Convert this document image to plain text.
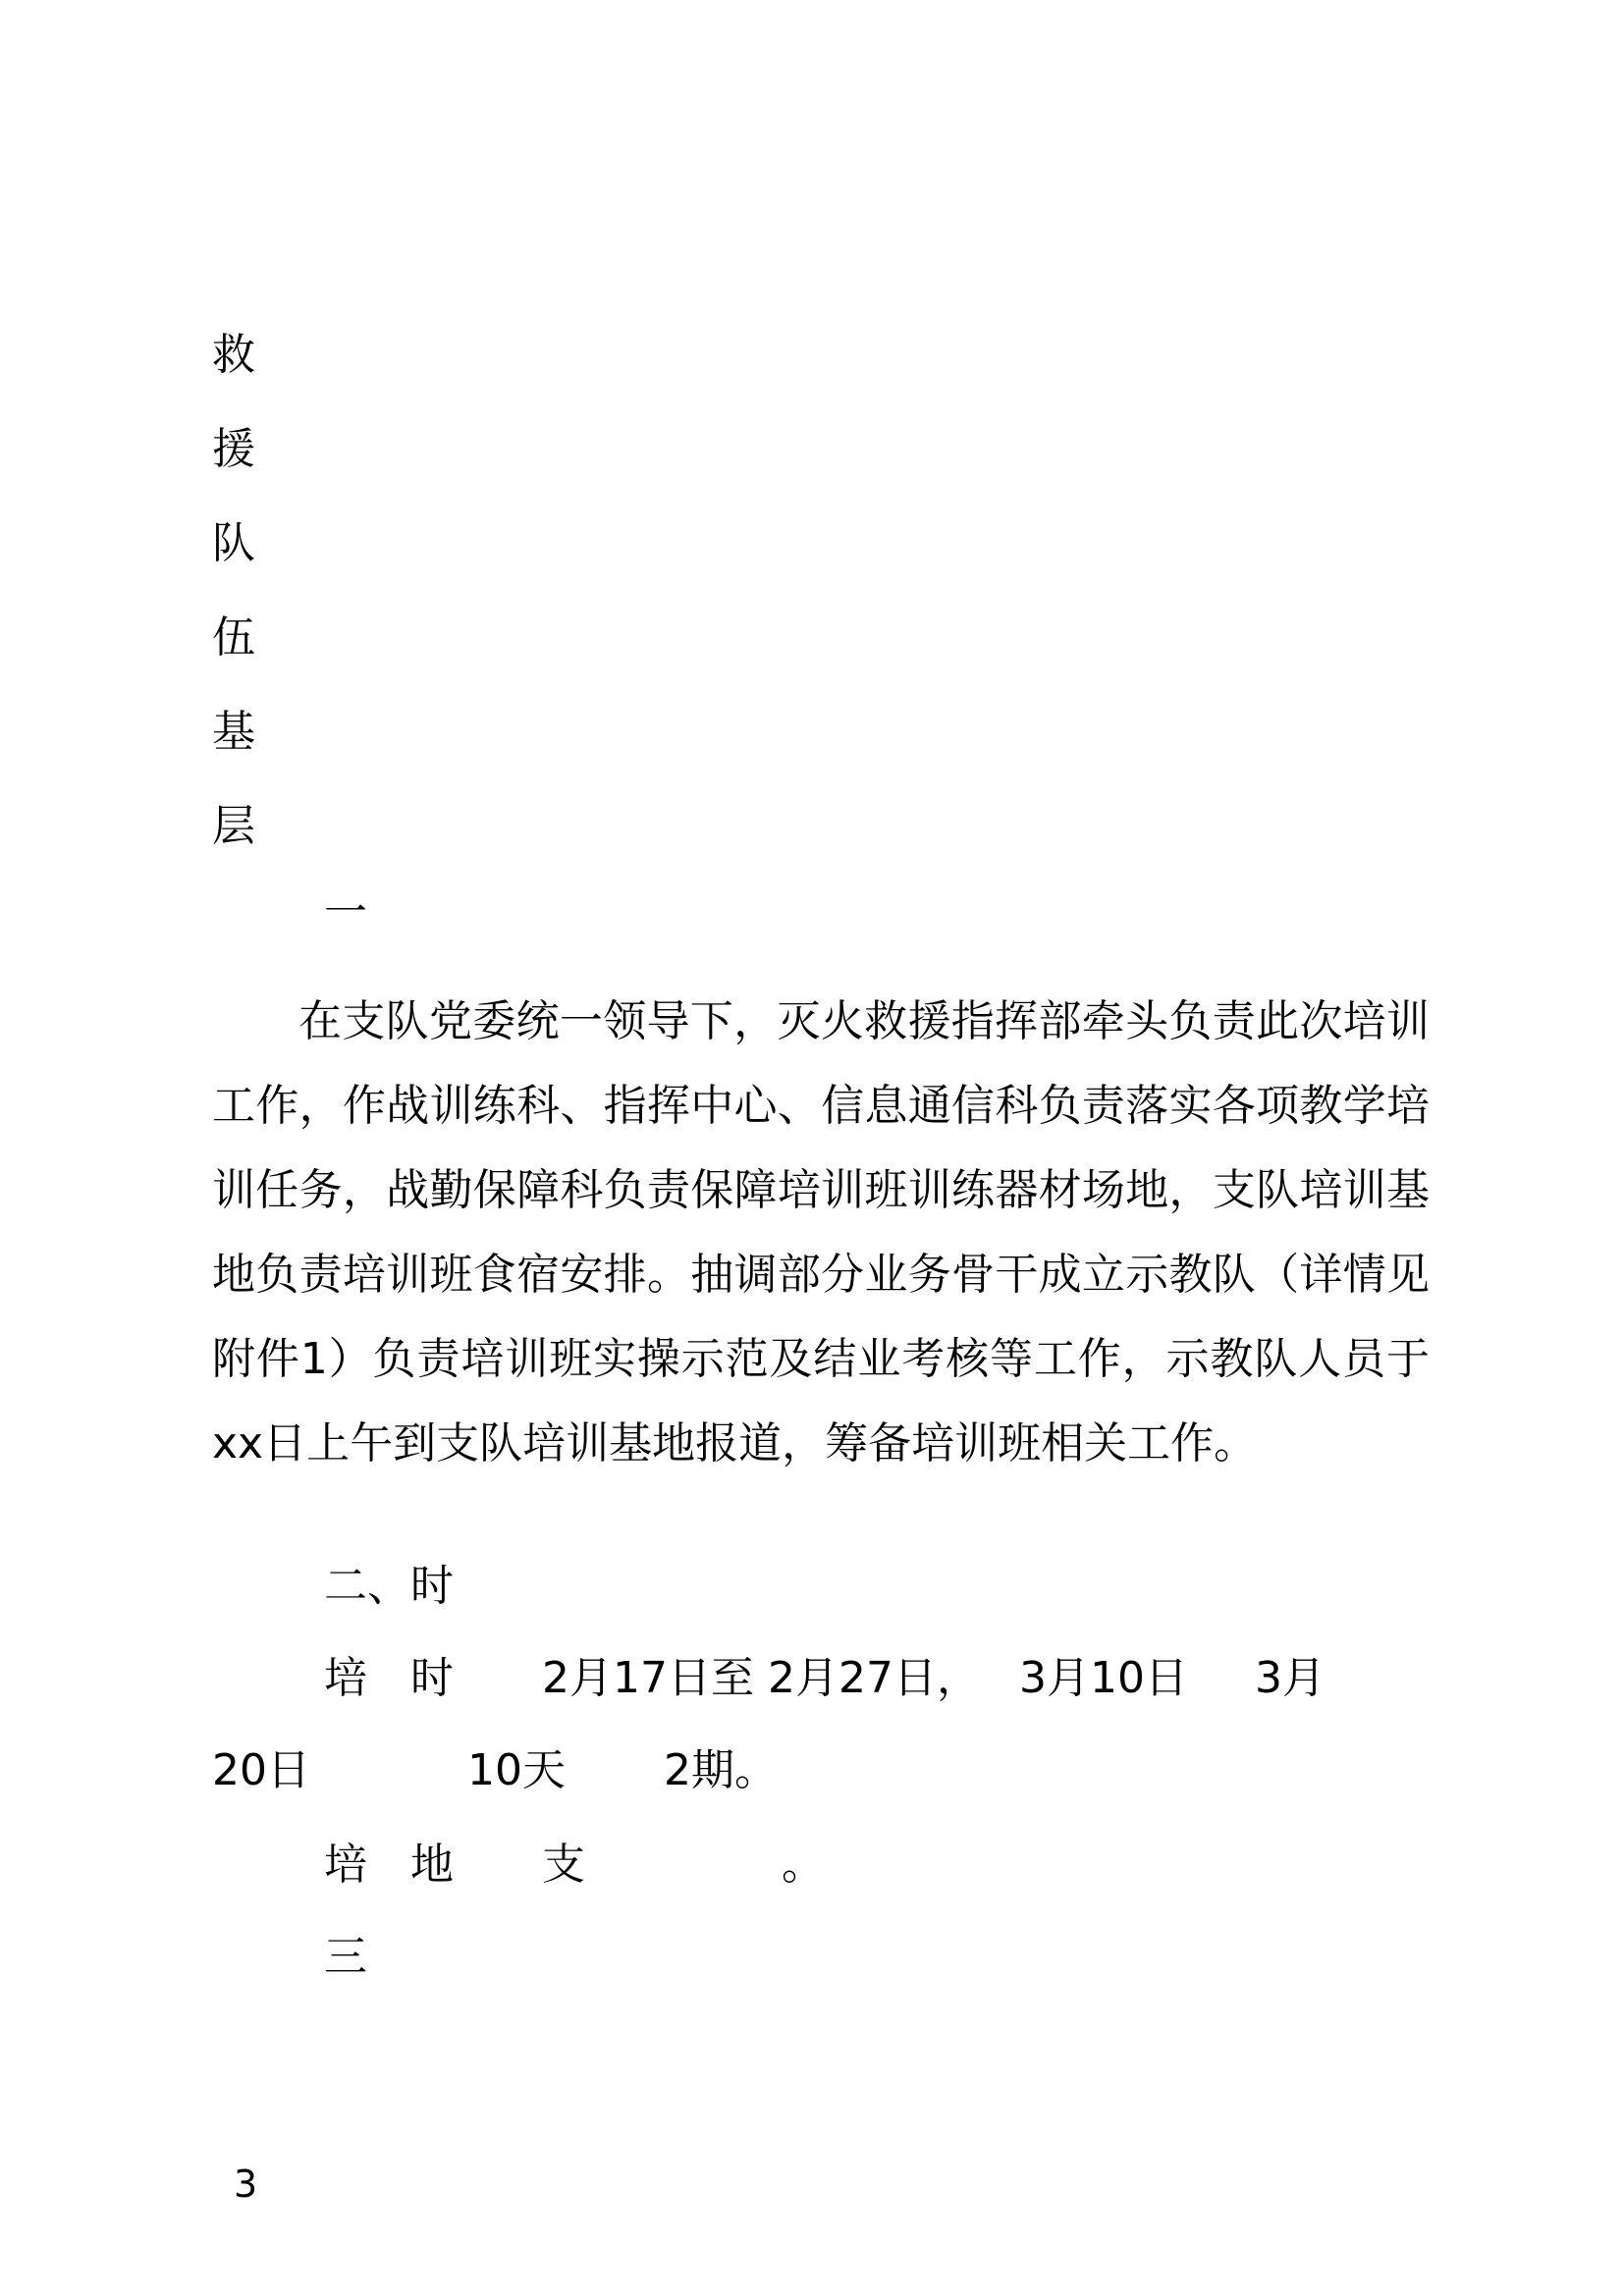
救
援
队
伍
基
层
一

在支队党委统一领导下，灭火救援指挥部牵头负责此次培训工作，作战训练科、指挥中心、信息通信科负责落实各项教学培训任务，战勤保障科负责保障培训班训练器材场地，支队培训基地负责培训班食宿安排。抽调部分业务骨干成立示教队（详情见附件1）负责培训班实操示范及结业考核等工作，示教队人员于xx日上午到支队培训基地报道，筹备培训班相关工作。

二、时
培 时 2月17日至 2月27日， 3月10日 3月
20日	10天 2期。
培 地 支	。
三
3
